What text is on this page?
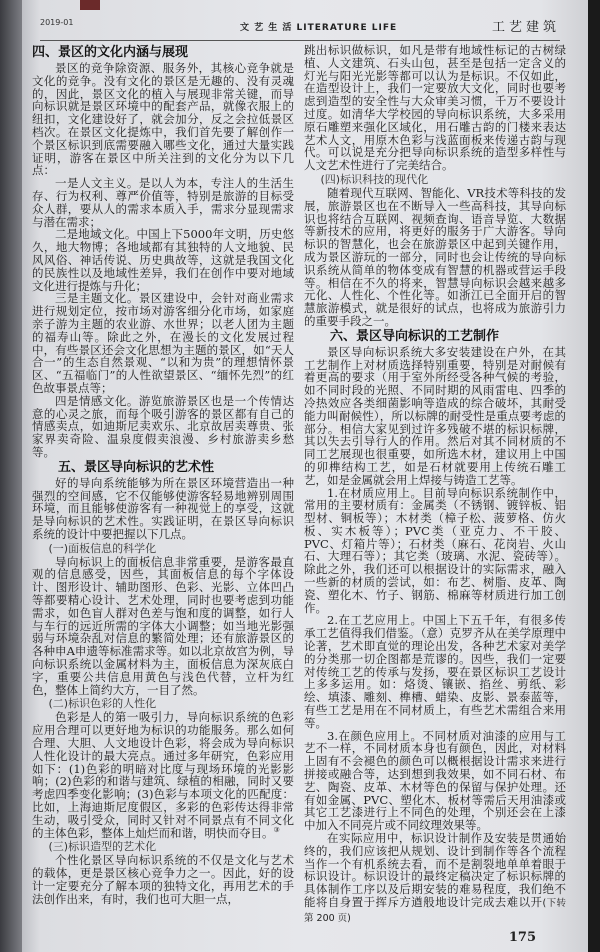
2019-01
文 艺 生 活 LITERATURE LIFE	工艺建筑
四、景区的文化内涵与展现

景区的竞争除资源、服务外，其核心竞争就是文化的竞争。没有文化的景区是无趣的、没有灵魂的，因此，景区文化的植入与展现非常关键，而导向标识就是景区环境中的配套产品，就像衣服上的纽扣，文化建设好了，就会加分，反之会拉低景区档次。在景区文化提炼中，我们首先要了解创作一个景区标识到底需要融入哪些文化，通过大量实践证明，游客在景区中所关注到的文化分为以下几点：

一是人文主义。是以人为本，专注人的生活生存、行为权利、尊严价值等，特别是旅游的目标受众人群，要从人的需求本质入手，需求分显现需求与潜在需求；

二是地域文化。中国上下5000年文明，历史悠久，地大物博；各地域都有其独特的人文地貌、民风风俗、神话传说、历史典故等，这就是我国文化的民族性以及地域性差异，我们在创作中要对地域文化进行提炼与升化；

三是主题文化。景区建设中，会针对商业需求进行规划定位，按市场对游客细分化市场，如家庭亲子游为主题的农业游、水世界；以老人团为主题的福寿山等。除此之外，在漫长的文化发展过程中，有些景区还会文化思想为主题的景区，如“天人合一”的生态自然景观、“以和为贵”的理想情怀景区、“五福临门”的人性欲望景区、“缅怀先烈”的红色故事景点等；

四是情感文化。游览旅游景区也是一个传情达意的心灵之旅，而每个吸引游客的景区都有自己的情感卖点，如迪斯尼卖欢乐、北京故居卖尊贵、张家界卖奇险、温泉度假卖浪漫、乡村旅游卖乡愁等。

五、景区导向标识的艺术性

好的导向系统能够为所在景区环境营造出一种强烈的空间感，它不仅能够使游客轻易地辨别周围环境，而且能够使游客有一种视觉上的享受，这就是导向标识的艺术性。实践证明，在景区导向标识系统的设计中要把握以下几点。

(一)面板信息的科学化

导向标识上的面板信息非常重要，是游客最直观的信息感受，因些，其面板信息的每个字体设计、图形设计、辅助图形、色彩、光影、立体凹凸等都要精心设计、艺术处理，同时也要考虑到功能需求，如色盲人群对色差与饱和度的调整，如行人与车行的远近所需的字体大小调整；如当地光影强弱与环境杂乱对信息的繁简处理；还有旅游景区的各种申A申遗等标准需求等。如以北京故宫为例，导向标识系统以金属材料为主，面板信息为深灰底白字，重要公共信息用黄色与浅色代替，立杆为红色，整体上简约大方，一目了然。

(二)标识色彩的人性化

色彩是人的第一吸引力，导向标识系统的色彩应用合理可以更好地为标识的功能服务。那么如何合理、大胆、人文地设计色彩，将会成为导向标识人性化设计的最大亮点。通过多年研究，色彩应用如下：(1)色彩的明暗对比度与现场环境的光影影响；(2)色彩的和谐与建筑、绿植的相融，同时又要考虑四季变化影响；(3)色彩与本项文化的匹配度：比如，上海迪斯尼度假区，多彩的色彩传达得非常生动，吸引受众，同时又针对不同景点有不同文化的主体色彩，整体上灿烂而和谐，明快而夺目。③

(三)标识造型的艺术化

个性化景区导向标识系统的不仅是文化与艺术的载体，更是景区核心竞争力之一。因此，好的设计一定要充分了解本项的独特文化，再用艺术的手法创作出来，有时，我们也可大胆一点，

跳出标识做标识，如凡是带有地域性标记的古树绿植、人文建筑、石头山包，甚至是包括一定含义的灯光与阳光光影等都可以认为是标识。不仅如此，在造型设计上，我们一定要放大文化，同时也要考虑到造型的安全性与大众审美习惯，千万不要设计过度。如清华大学校园的导向标识系统，大多采用原石雕塑来强化区域化，用石雕古韵的门楼来表达艺术人文，用原木色彩与浅蓝面板来传递古韵与现代。可以说是充分把导向标识系统的造型多样性与人文艺术性进行了完美结合。

(四)标识科技的现代化

随着现代互联网、智能化、VR技术等科技的发展，旅游景区也在不断导入一些高科技，其导向标识也将结合互联网、视频查询、语音导览、大数据等新技术的应用，将更好的服务于广大游客。导向标识的智慧化，也会在旅游景区中起到关键作用，成为景区游玩的一部分，同时也会让传统的导向标识系统从简单的物体变成有智慧的机器或营运手段等。相信在不久的将来，智慧导向标识会越来越多元化、人性化、个性化等。如浙江已全面开启的智慧旅游模式，就是很好的试点，也将成为旅游引力的重要手段之一。

六、景区导向标识的工艺制作

景区导向标识系统大多安装建设在户外，在其工艺制作上对材质选择特别重要，特别是对耐候有着更高的要求（用于室外所经受各种气候的考验，如不同时段的光照、不同时期的风雨雷电、四季的冷热效应各类细菌影响等造成的综合破坏，其耐受能力叫耐候性），所以标牌的耐受性是重点要考虑的部分。相信大家见到过许多残破不堪的标识标牌，其以失去引导行人的作用。然后对其不同材质的不同工艺展现也很重要，如所选木材，建议用上中国的卯榫结构工艺，如是石材就要用上传统石雕工艺，如是金属就会用上焊接与铸造工艺等。

1.在材质应用上。目前导向标识系统制作中，常用的主要材质有：金属类（不锈钢、镀锌板、铝型材、铜板等）；木材类（樟子松、菠萝格、仿火板、实木板等）；PVC类（亚克力、不干胶、PVC、灯箱片等）；石材类（麻石、花岗岩、火山石、大理石等）；其它类（玻璃、水泥、瓷砖等）。除此之外，我们还可以根据设计的实际需求，融入一些新的材质的尝试，如：布艺、树脂、皮革、陶瓷、塑化木、竹子、钢筋、棉麻等材质进行加工创作。

2.在工艺应用上。中国上下五千年，有很多传承工艺值得我们借鉴。（意）克罗齐从在美学原理中论著，艺术即直觉的理论出发，各种艺术家对美学的分类那一切企图都是荒谬的。因些，我们一定要对传统工艺的传承与发扬，要在景区标识工艺设计上多多运用。如：烙烫、镶嵌、掐丝、剪纸、彩绘、填漆、雕刻、榫槽、蜡染、皮影、景泰蓝等，有些工艺是用在不同材质上，有些艺术需组合来用等。

3.在颜色应用上。不同材质对油漆的应用与工艺不一样，不同材质本身也有颜色，因此，对材料上固有不会褪色的颜色可以概根据设计需求来进行拼接或融合等，达到想到我效果，如不同石材、布艺、陶瓷、皮革、木材等色的保留与保护处理。还有如金属、PVC、塑化木、板材等需后天用油漆或其它工艺漆进行上不同色的处理，个别还会在上漆中加入不同亮片或不同纹理效果等。

在实际应用中，标识设计制作及安装是贯通始终的，我们应该把从规划、设计到制作等各个流程当作一个有机系统去看，而不是割裂地单单着眼于标识设计。标识设计的最终定稿决定了标识标牌的具体制作工序以及后期安装的难易程度，我们绝不能将自身置于挥斥方遒般地设计完成去难以开(下转第 200 页)

175
